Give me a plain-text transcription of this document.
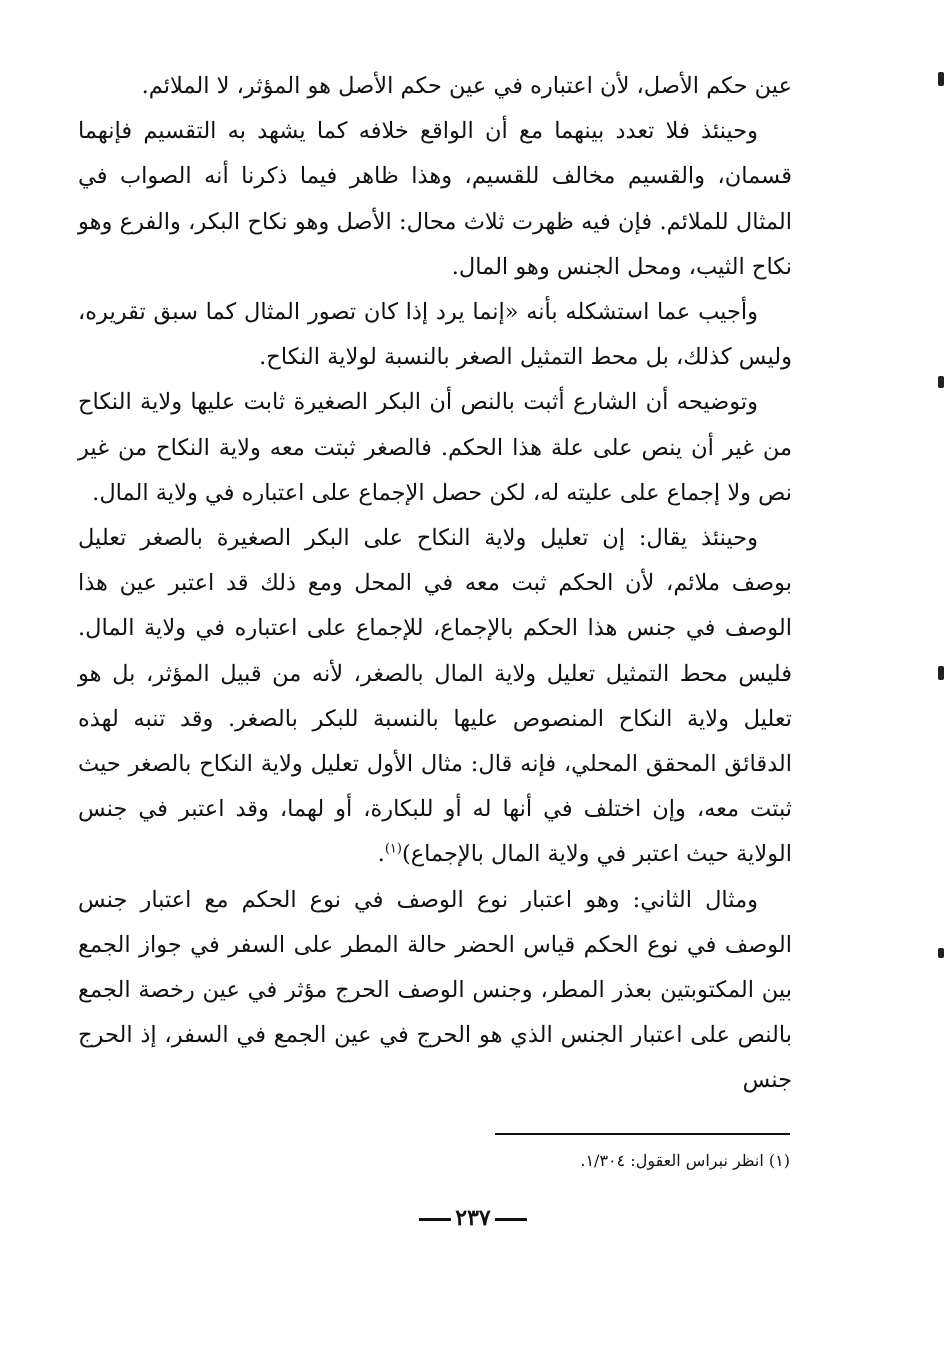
عين حكم الأصل، لأن اعتباره في عين حكم الأصل هو المؤثر، لا الملائم.

وحينئذ فلا تعدد بينهما مع أن الواقع خلافه كما يشهد به التقسيم فإنهما قسمان، والقسيم مخالف للقسيم، وهذا ظاهر فيما ذكرنا أنه الصواب في المثال للملائم. فإن فيه ظهرت ثلاث محال: الأصل وهو نكاح البكر، والفرع وهو نكاح الثيب، ومحل الجنس وهو المال.

وأجيب عما استشكله بأنه «إنما يرد إذا كان تصور المثال كما سبق تقريره، وليس كذلك، بل محط التمثيل الصغر بالنسبة لولاية النكاح.

وتوضيحه أن الشارع أثبت بالنص أن البكر الصغيرة ثابت عليها ولاية النكاح من غير أن ينص على علة هذا الحكم. فالصغر ثبتت معه ولاية النكاح من غير نص ولا إجماع على عليته له، لكن حصل الإجماع على اعتباره في ولاية المال.

وحينئذ يقال: إن تعليل ولاية النكاح على البكر الصغيرة بالصغر تعليل بوصف ملائم، لأن الحكم ثبت معه في المحل ومع ذلك قد اعتبر عين هذا الوصف في جنس هذا الحكم بالإجماع، للإجماع على اعتباره في ولاية المال. فليس محط التمثيل تعليل ولاية المال بالصغر، لأنه من قبيل المؤثر، بل هو تعليل ولاية النكاح المنصوص عليها بالنسبة للبكر بالصغر. وقد تنبه لهذه الدقائق المحقق المحلي، فإنه قال: مثال الأول تعليل ولاية النكاح بالصغر حيث ثبتت معه، وإن اختلف في أنها له أو للبكارة، أو لهما، وقد اعتبر في جنس الولاية حيث اعتبر في ولاية المال بالإجماع)$^{(١)}$.

ومثال الثاني: وهو اعتبار نوع الوصف في نوع الحكم مع اعتبار جنس الوصف في نوع الحكم قياس الحضر حالة المطر على السفر في جواز الجمع بين المكتوبتين بعذر المطر، وجنس الوصف الحرج مؤثر في عين رخصة الجمع بالنص على اعتبار الجنس الذي هو الحرج في عين الجمع في السفر، إذ الحرج جنس

(١) انظر نبراس العقول: ١/٣٠٤.
٢٣٧
